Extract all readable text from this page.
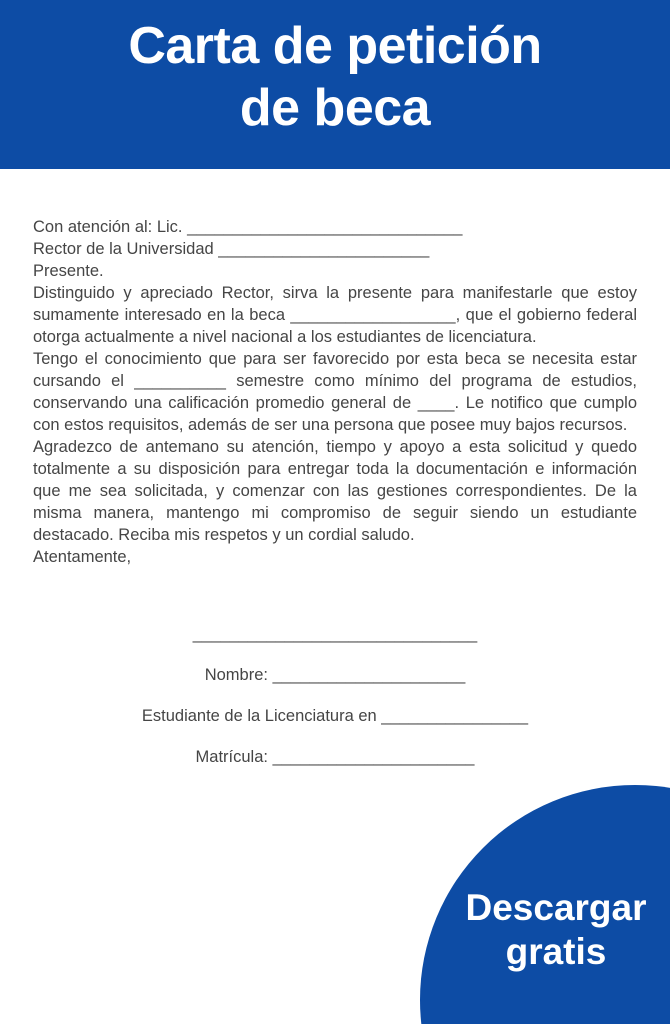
Carta de petición
de beca

Con atención al: Lic. ______________________________

Rector de la Universidad _______________________

Presente.

Distinguido y apreciado Rector, sirva la presente para manifestarle que estoy sumamente interesado en la beca __________________, que el gobierno federal otorga actualmente a nivel nacional a los estudiantes de licenciatura.

Tengo el conocimiento que para ser favorecido por esta beca se necesita estar cursando el __________ semestre como mínimo del programa de estudios, conservando una calificación promedio general de ____. Le notifico que cumplo con estos requisitos, además de ser una persona que posee muy bajos recursos.

Agradezco de antemano su atención, tiempo y apoyo a esta solicitud y quedo totalmente a su disposición para entregar toda la documentación e información que me sea solicitada, y comenzar con las gestiones correspondientes. De la misma manera, mantengo mi compromiso de seguir siendo un estudiante destacado. Reciba mis respetos y un cordial saludo.

Atentamente,

_______________________________

Nombre: _____________________

Estudiante de la Licenciatura en ________________

Matrícula: ______________________

Descargar
gratis
